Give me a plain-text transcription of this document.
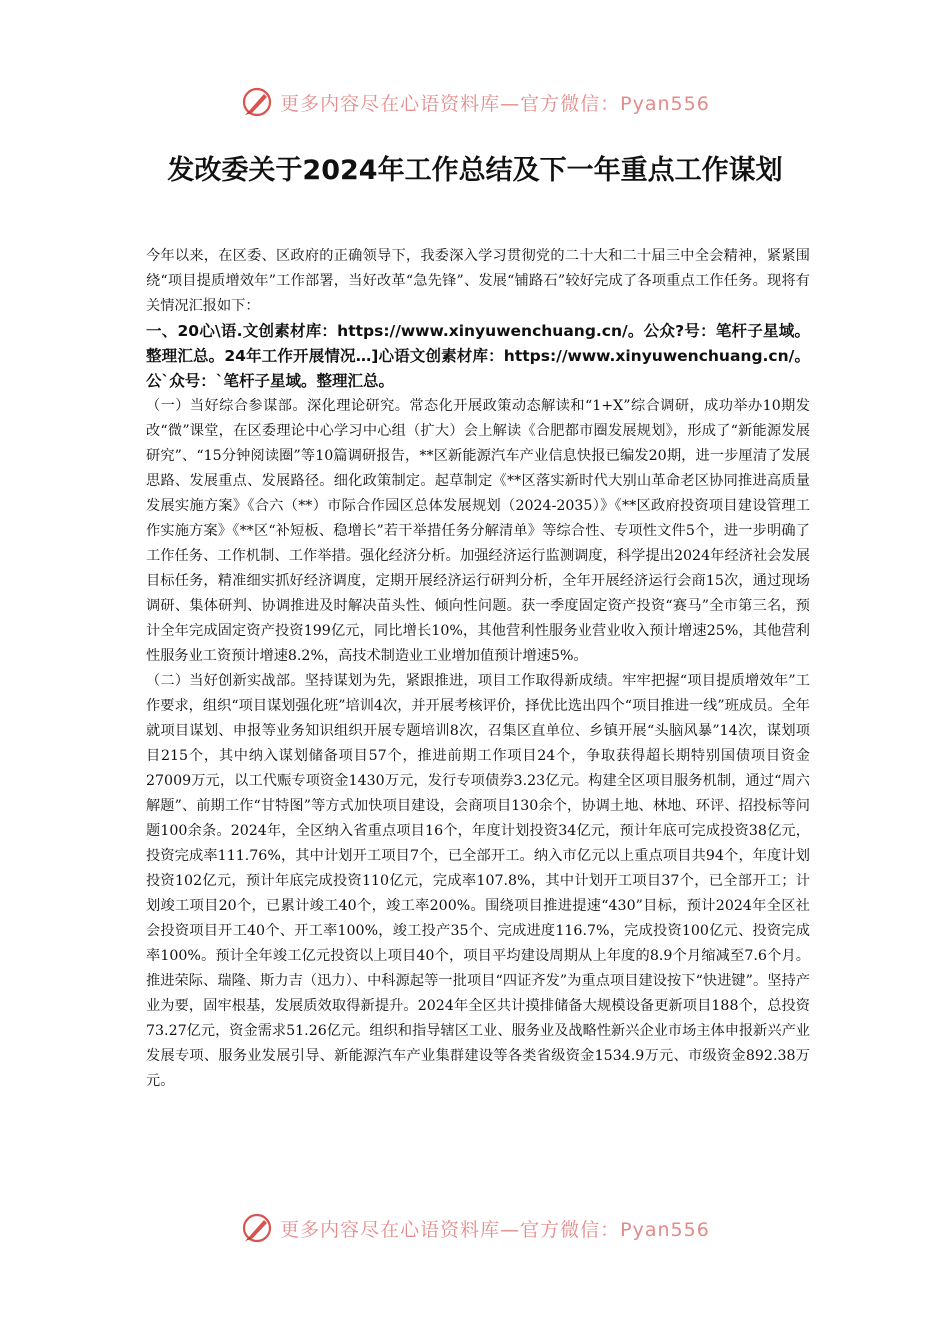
更多内容尽在心语资料库—官方微信：Pyan556
发改委关于2024年工作总结及下一年重点工作谋划

今年以来，在区委、区政府的正确领导下，我委深入学习贯彻党的二十大和二十届三中全会精神，紧紧围绕“项目提质增效年”工作部署，当好改革“急先锋”、发展“铺路石”较好完成了各项重点工作任务。现将有关情况汇报如下：

一、20心\语.文创素材库：https://www.xinyuwenchuang.cn/。公众?号：笔杆子星域。整理汇总。24年工作开展情况…]心语文创素材库：https://www.xinyuwenchuang.cn/。公`众号：`笔杆子星域。整理汇总。

（一）当好综合参谋部。深化理论研究。常态化开展政策动态解读和“1+X”综合调研，成功举办10期发改“微”课堂，在区委理论中心学习中心组（扩大）会上解读《合肥都市圈发展规划》，形成了“新能源发展研究”、“15分钟阅读圈”等10篇调研报告，**区新能源汽车产业信息快报已编发20期，进一步厘清了发展思路、发展重点、发展路径。细化政策制定。起草制定《**区落实新时代大别山革命老区协同推进高质量发展实施方案》《合六（**）市际合作园区总体发展规划（2024-2035）》《**区政府投资项目建设管理工作实施方案》《**区“补短板、稳增长”若干举措任务分解清单》等综合性、专项性文件5个，进一步明确了工作任务、工作机制、工作举措。强化经济分析。加强经济运行监测调度，科学提出2024年经济社会发展目标任务，精准细实抓好经济调度，定期开展经济运行研判分析，全年开展经济运行会商15次，通过现场调研、集体研判、协调推进及时解决苗头性、倾向性问题。获一季度固定资产投资“赛马”全市第三名，预计全年完成固定资产投资199亿元，同比增长10%，其他营利性服务业营业收入预计增速25%，其他营利性服务业工资预计增速8.2%，高技术制造业工业增加值预计增速5%。

（二）当好创新实战部。坚持谋划为先，紧跟推进，项目工作取得新成绩。牢牢把握“项目提质增效年”工作要求，组织“项目谋划强化班”培训4次，并开展考核评价，择优比选出四个“项目推进一线”班成员。全年就项目谋划、申报等业务知识组织开展专题培训8次，召集区直单位、乡镇开展“头脑风暴”14次，谋划项目215个，其中纳入谋划储备项目57个，推进前期工作项目24个，争取获得超长期特别国债项目资金27009万元，以工代赈专项资金1430万元，发行专项债券3.23亿元。构建全区项目服务机制，通过“周六解题”、前期工作“甘特图”等方式加快项目建设，会商项目130余个，协调土地、林地、环评、招投标等问题100余条。2024年，全区纳入省重点项目16个，年度计划投资34亿元，预计年底可完成投资38亿元，投资完成率111.76%，其中计划开工项目7个，已全部开工。纳入市亿元以上重点项目共94个，年度计划投资102亿元，预计年底完成投资110亿元，完成率107.8%，其中计划开工项目37个，已全部开工；计划竣工项目20个，已累计竣工40个，竣工率200%。围绕项目推进提速“430”目标，预计2024年全区社会投资项目开工40个、开工率100%，竣工投产35个、完成进度116.7%，完成投资100亿元、投资完成率100%。预计全年竣工亿元投资以上项目40个，项目平均建设周期从上年度的8.9个月缩减至7.6个月。推进荣际、瑞隆、斯力吉（迅力）、中科源起等一批项目“四证齐发”为重点项目建设按下“快进键”。坚持产业为要，固牢根基，发展质效取得新提升。2024年全区共计摸排储备大规模设备更新项目188个，总投资73.27亿元，资金需求51.26亿元。组织和指导辖区工业、服务业及战略性新兴企业市场主体申报新兴产业发展专项、服务业发展引导、新能源汽车产业集群建设等各类省级资金1534.9万元、市级资金892.38万元。

更多内容尽在心语资料库—官方微信：Pyan556
